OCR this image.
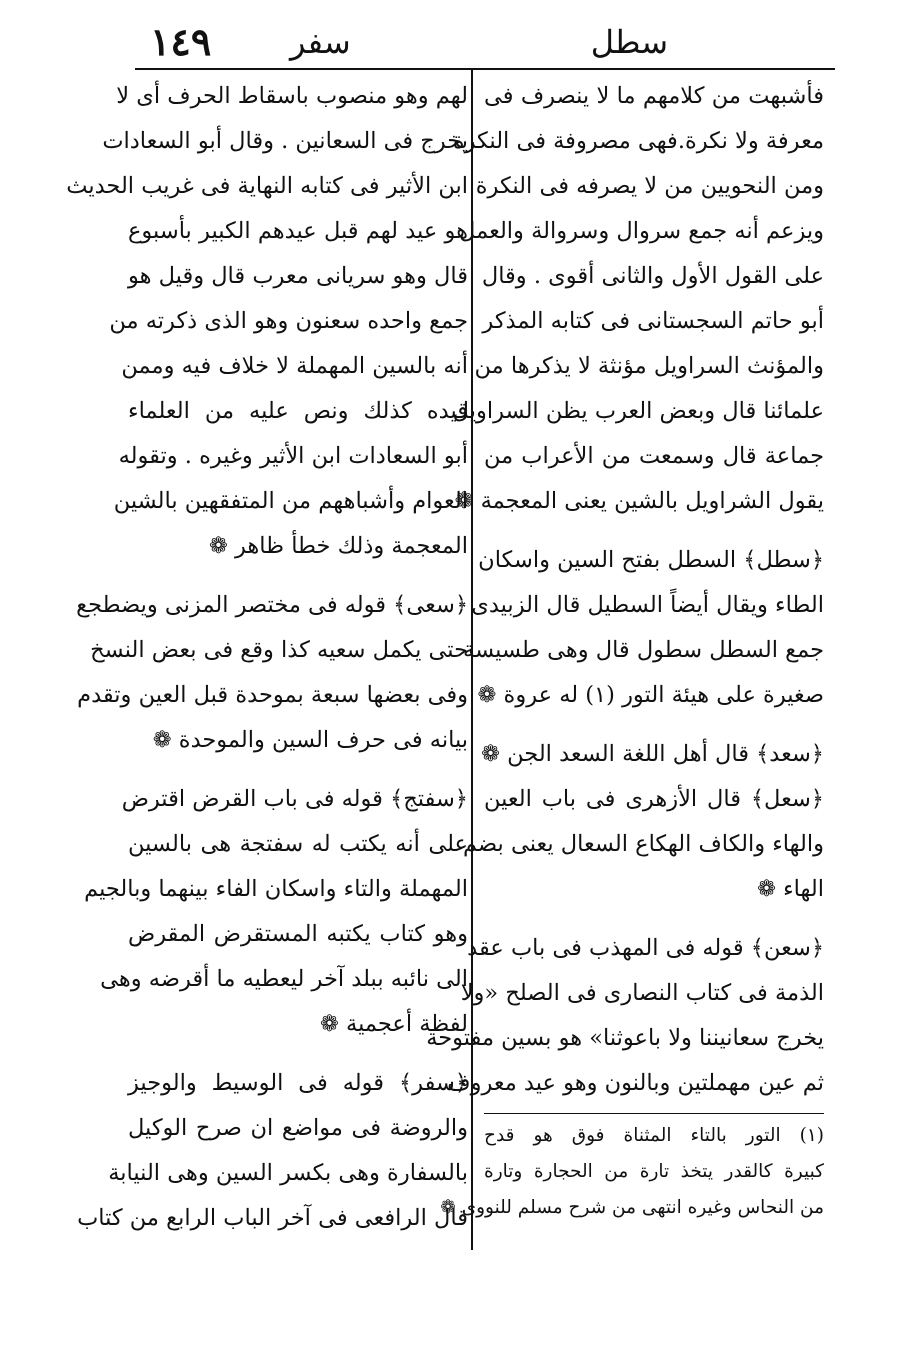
سطل
سفر
١٤٩
فأشبهت من كلامهم ما لا ينصرف فى
معرفة ولا نكرة.فهى مصروفة فى النكرة
ومن النحويين من لا يصرفه فى النكرة
ويزعم أنه جمع سروال وسروالة والعمل
على القول الأول والثانى أقوى . وقال
أبو حاتم السجستانى فى كتابه المذكر
والمؤنث السراويل مؤنثة لا يذكرها من
علمائنا قال وبعض العرب يظن السراويل
جماعة قال وسمعت من الأعراب من
يقول الشراويل بالشين يعنى المعجمة ❁
﴿سطل﴾ السطل بفتح السين واسكان
الطاء ويقال أيضاً السطيل قال الزبيدى
جمع السطل سطول قال وهى طسيسة
صغيرة على هيئة التور (١) له عروة ❁
﴿سعد﴾ قال أهل اللغة السعد الجن ❁
﴿سعل﴾ قال الأزهرى فى باب العين
والهاء والكاف الهكاع السعال يعنى بضم
الهاء ❁
﴿سعن﴾ قوله فى المهذب فى باب عقد
الذمة فى كتاب النصارى فى الصلح «ولا
يخرج سعانيننا ولا باعوثنا» هو بسين مفتوحة
ثم عين مهملتين وبالنون وهو عيد معروف
(١) التور بالتاء المثناة فوق هو قدح
كبيرة كالقدر يتخذ تارة من الحجارة وتارة
من النحاس وغيره انتهى من شرح مسلم للنووى ❁
لهم وهو منصوب باسقاط الحرف أى لا
يخرج فى السعانين . وقال أبو السعادات
ابن الأثير فى كتابه النهاية فى غريب الحديث
هو عيد لهم قبل عيدهم الكبير بأسبوع
قال وهو سريانى معرب قال وقيل هو
جمع واحده سعنون وهو الذى ذكرته من
أنه بالسين المهملة لا خلاف فيه وممن
قيده كذلك ونص عليه من العلماء
أبو السعادات ابن الأثير وغيره . وتقوله
العوام وأشباههم من المتفقهين بالشين
المعجمة وذلك خطأ ظاهر ❁
﴿سعى﴾ قوله فى مختصر المزنى ويضطجع
حتى يكمل سعيه كذا وقع فى بعض النسخ
وفى بعضها سبعة بموحدة قبل العين وتقدم
بيانه فى حرف السين والموحدة ❁
﴿سفتج﴾ قوله فى باب القرض اقترض
على أنه يكتب له سفتجة هى بالسين
المهملة والتاء واسكان الفاء بينهما وبالجيم
وهو كتاب يكتبه المستقرض المقرض
الى نائبه ببلد آخر ليعطيه ما أقرضه وهى
لفظة أعجمية ❁
﴿سفر﴾ قوله فى الوسيط والوجيز
والروضة فى مواضع ان صرح الوكيل
بالسفارة وهى بكسر السين وهى النيابة
قال الرافعى فى آخر الباب الرابع من كتاب
